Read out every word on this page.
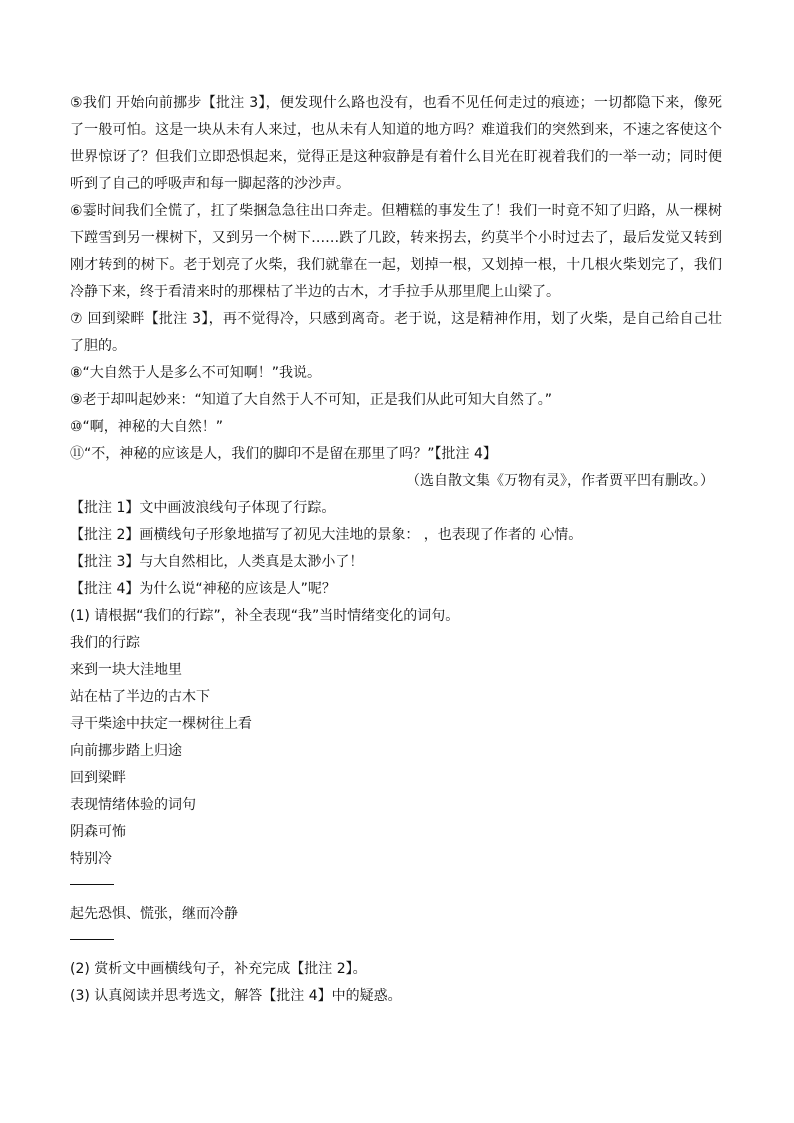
⑤我们 开始向前挪步【批注 3】，便发现什么路也没有，也看不见任何走过的痕迹；一切都隐下来，像死了一般可怕。这是一块从未有人来过，也从未有人知道的地方吗？难道我们的突然到来，不速之客使这个世界惊讶了？但我们立即恐惧起来，觉得正是这种寂静是有着什么目光在盯视着我们的一举一动；同时便听到了自己的呼吸声和每一脚起落的沙沙声。
⑥霎时间我们全慌了，扛了柴捆急急往出口奔走。但糟糕的事发生了！我们一时竟不知了归路，从一棵树下蹚雪到另一棵树下，又到另一个树下……跌了几跤，转来拐去，约莫半个小时过去了，最后发觉又转到刚才转到的树下。老于划亮了火柴，我们就靠在一起，划掉一根，又划掉一根，十几根火柴划完了，我们冷静下来，终于看清来时的那棵枯了半边的古木，才手拉手从那里爬上山梁了。
⑦ 回到梁畔【批注 3】，再不觉得冷，只感到离奇。老于说，这是精神作用，划了火柴，是自己给自己壮了胆的。
⑧“大自然于人是多么不可知啊！”我说。
⑨老于却叫起妙来：“知道了大自然于人不可知，正是我们从此可知大自然了。”
⑩“啊，神秘的大自然！”
⑪“不，神秘的应该是人，我们的脚印不是留在那里了吗？”【批注 4】
（选自散文集《万物有灵》，作者贾平凹有删改。）
【批注 1】文中画波浪线句子体现了行踪。
【批注 2】画横线句子形象地描写了初见大洼地的景象： ，也表现了作者的 心情。
【批注 3】与大自然相比，人类真是太渺小了！
【批注 4】为什么说“神秘的应该是人”呢？
(1) 请根据“我们的行踪”，补全表现“我”当时情绪变化的词句。
我们的行踪
来到一块大洼地里
站在枯了半边的古木下
寻干柴途中扶定一棵树往上看
向前挪步踏上归途
回到梁畔
表现情绪体验的词句
阴森可怖
特别冷
起先恐惧、慌张，继而冷静
(2) 赏析文中画横线句子，补充完成【批注 2】。
(3) 认真阅读并思考选文，解答【批注 4】中的疑惑。
